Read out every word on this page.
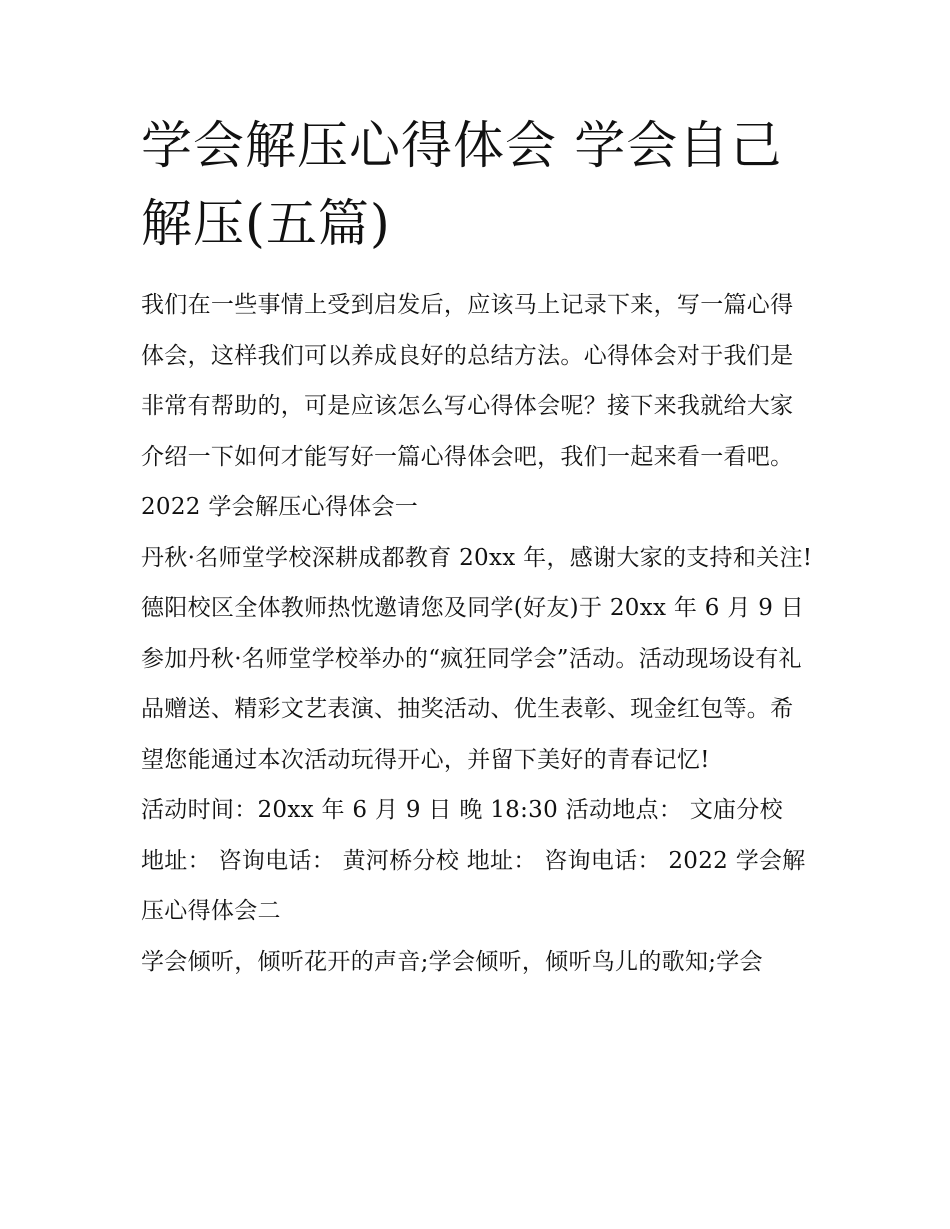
学会解压心得体会 学会自己解压(五篇)

我们在一些事情上受到启发后，应该马上记录下来，写一篇心得体会，这样我们可以养成良好的总结方法。心得体会对于我们是非常有帮助的，可是应该怎么写心得体会呢？接下来我就给大家介绍一下如何才能写好一篇心得体会吧，我们一起来看一看吧。

2022 学会解压心得体会一

丹秋·名师堂学校深耕成都教育 20xx 年，感谢大家的支持和关注!德阳校区全体教师热忱邀请您及同学(好友)于 20xx 年 6 月 9 日参加丹秋·名师堂学校举办的“疯狂同学会”活动。活动现场设有礼品赠送、精彩文艺表演、抽奖活动、优生表彰、现金红包等。希望您能通过本次活动玩得开心，并留下美好的青春记忆!

活动时间：20xx 年 6 月 9 日 晚 18:30 活动地点： 文庙分校 地址： 咨询电话： 黄河桥分校 地址： 咨询电话： 2022 学会解压心得体会二

学会倾听，倾听花开的声音;学会倾听，倾听鸟儿的歌知;学会
